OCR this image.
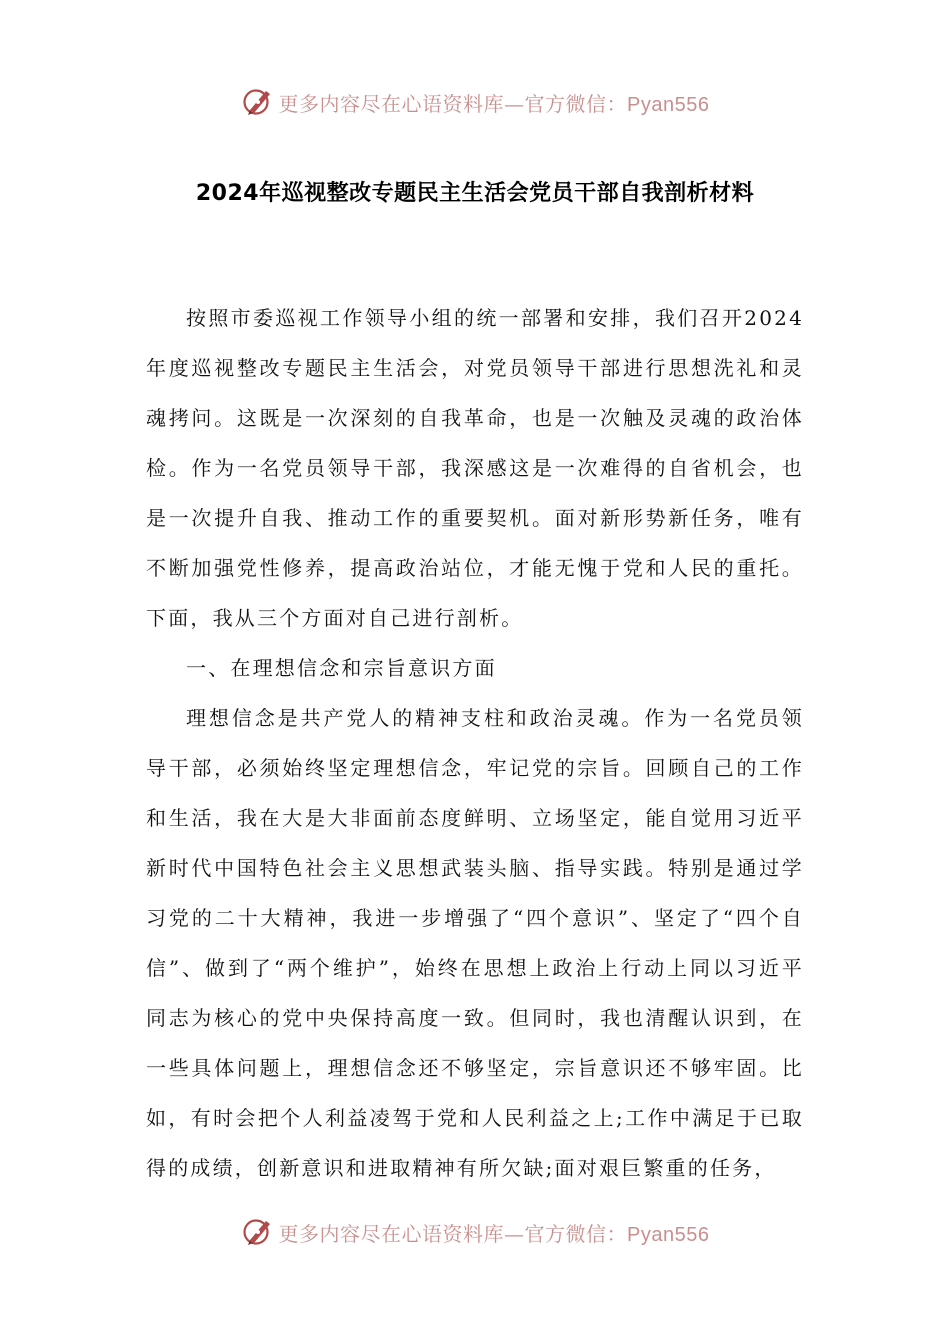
更多内容尽在心语资料库—官方微信：Pyan556
2024年巡视整改专题民主生活会党员干部自我剖析材料

按照市委巡视工作领导小组的统一部署和安排，我们召开2024年度巡视整改专题民主生活会，对党员领导干部进行思想洗礼和灵魂拷问。这既是一次深刻的自我革命，也是一次触及灵魂的政治体检。作为一名党员领导干部，我深感这是一次难得的自省机会，也是一次提升自我、推动工作的重要契机。面对新形势新任务，唯有不断加强党性修养，提高政治站位，才能无愧于党和人民的重托。下面，我从三个方面对自己进行剖析。

一、在理想信念和宗旨意识方面

理想信念是共产党人的精神支柱和政治灵魂。作为一名党员领导干部，必须始终坚定理想信念，牢记党的宗旨。回顾自己的工作和生活，我在大是大非面前态度鲜明、立场坚定，能自觉用习近平新时代中国特色社会主义思想武装头脑、指导实践。特别是通过学习党的二十大精神，我进一步增强了“四个意识”、坚定了“四个自信”、做到了“两个维护”，始终在思想上政治上行动上同以习近平同志为核心的党中央保持高度一致。但同时，我也清醒认识到，在一些具体问题上，理想信念还不够坚定，宗旨意识还不够牢固。比如，有时会把个人利益凌驾于党和人民利益之上;工作中满足于已取得的成绩，创新意识和进取精神有所欠缺;面对艰巨繁重的任务，

更多内容尽在心语资料库—官方微信：Pyan556
